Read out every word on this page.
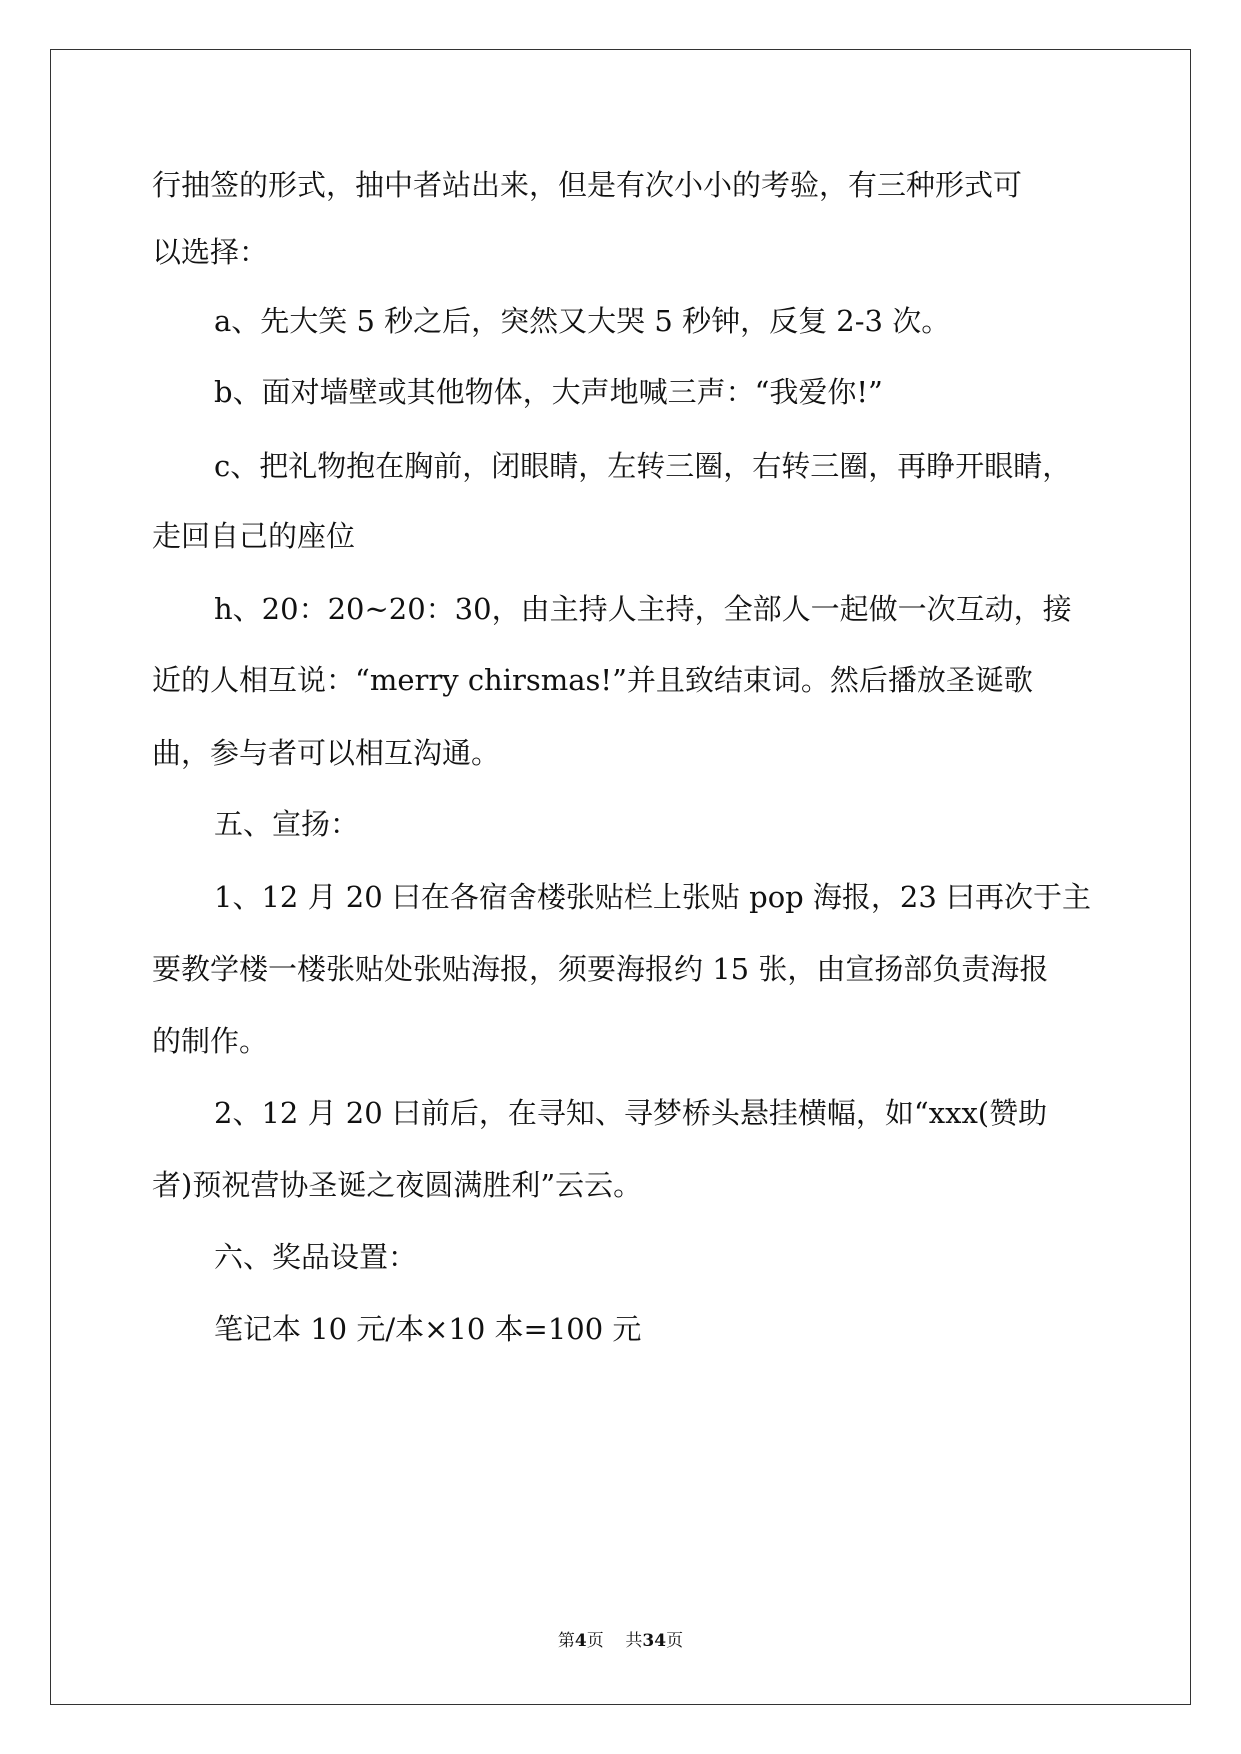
行抽签的形式，抽中者站出来，但是有次小小的考验，有三种形式可
以选择：
a、先大笑 5 秒之后，突然又大哭 5 秒钟，反复 2-3 次。
b、面对墙壁或其他物体，大声地喊三声：“我爱你!”
c、把礼物抱在胸前，闭眼睛，左转三圈，右转三圈，再睁开眼睛，
走回自己的座位
h、20：20~20：30，由主持人主持，全部人一起做一次互动，接
近的人相互说：“merry chirsmas!”并且致结束词。然后播放圣诞歌
曲，参与者可以相互沟通。
五、宣扬：
1、12 月 20 曰在各宿舍楼张贴栏上张贴 pop 海报，23 曰再次于主
要教学楼一楼张贴处张贴海报，须要海报约 15 张，由宣扬部负责海报
的制作。
2、12 月 20 曰前后，在寻知、寻梦桥头悬挂横幅，如“xxx(赞助
者)预祝营协圣诞之夜圆满胜利”云云。
六、奖品设置：
笔记本 10 元/本×10 本=100 元
第4页 共34页
